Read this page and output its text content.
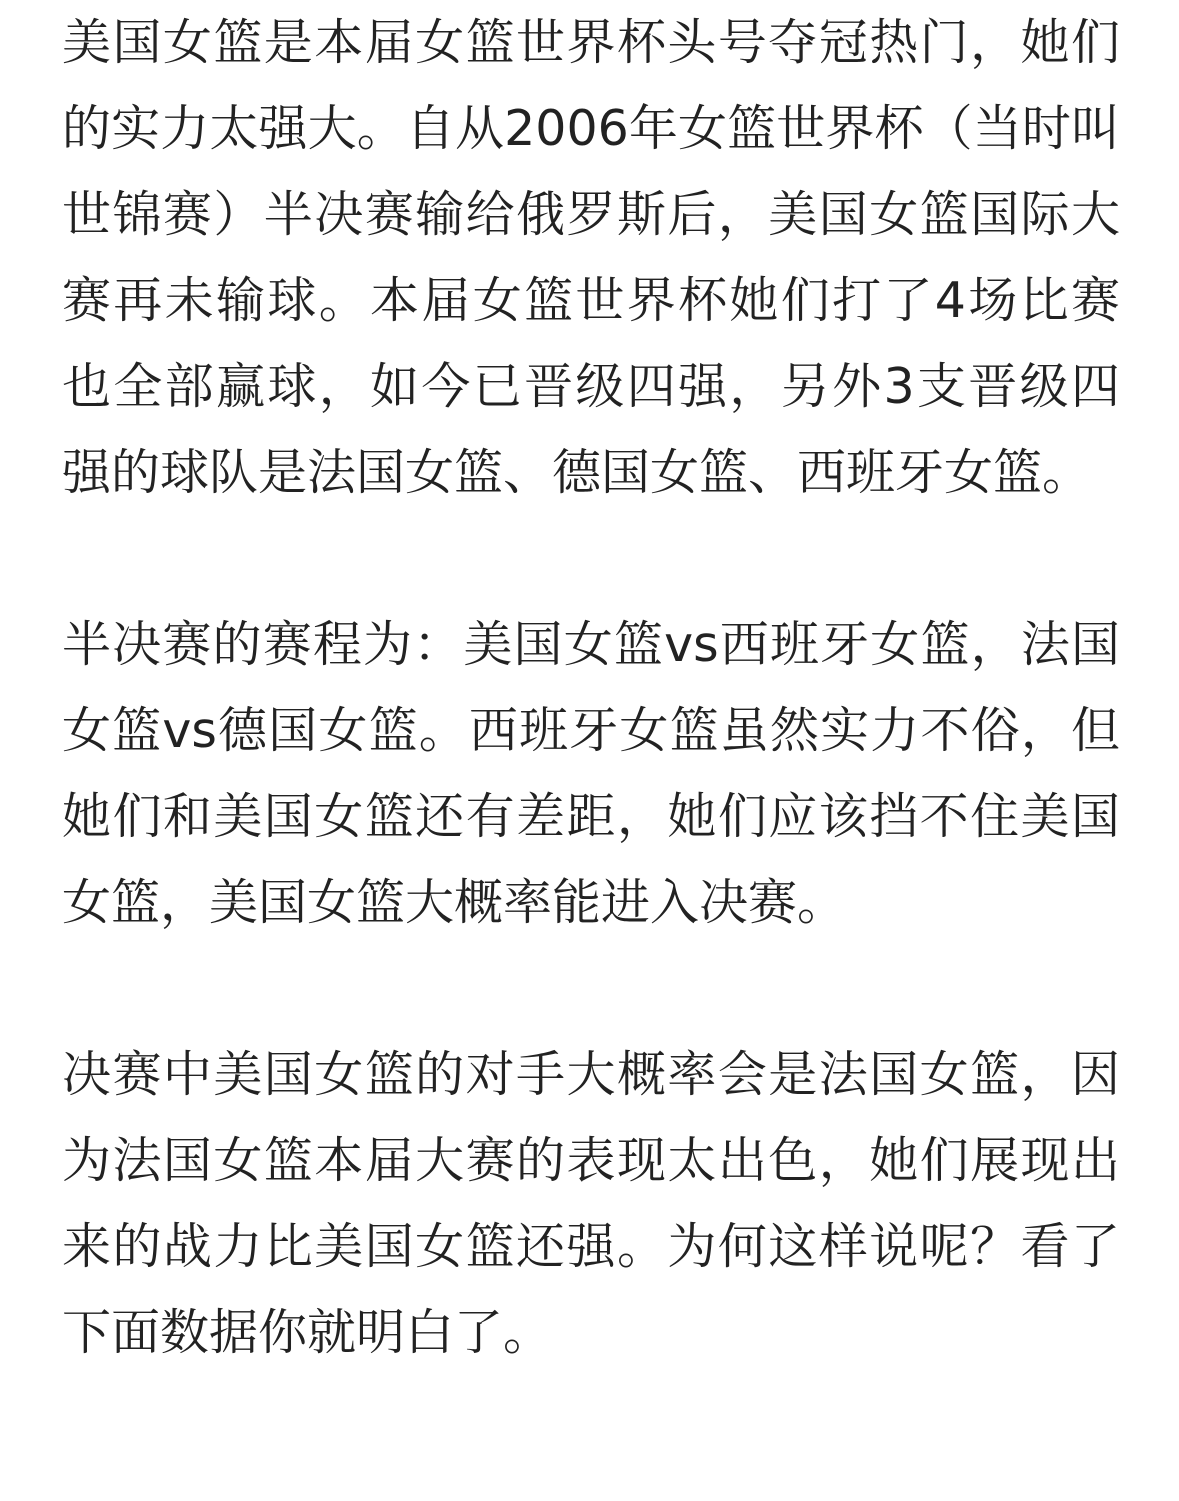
美国女篮是本届女篮世界杯头号夺冠热门，她们的实力太强大。自从2006年女篮世界杯（当时叫世锦赛）半决赛输给俄罗斯后，美国女篮国际大赛再未输球。本届女篮世界杯她们打了4场比赛也全部赢球，如今已晋级四强，另外3支晋级四强的球队是法国女篮、德国女篮、西班牙女篮。

半决赛的赛程为：美国女篮vs西班牙女篮，法国女篮vs德国女篮。西班牙女篮虽然实力不俗，但她们和美国女篮还有差距，她们应该挡不住美国女篮，美国女篮大概率能进入决赛。

决赛中美国女篮的对手大概率会是法国女篮，因为法国女篮本届大赛的表现太出色，她们展现出来的战力比美国女篮还强。为何这样说呢？看了下面数据你就明白了。
